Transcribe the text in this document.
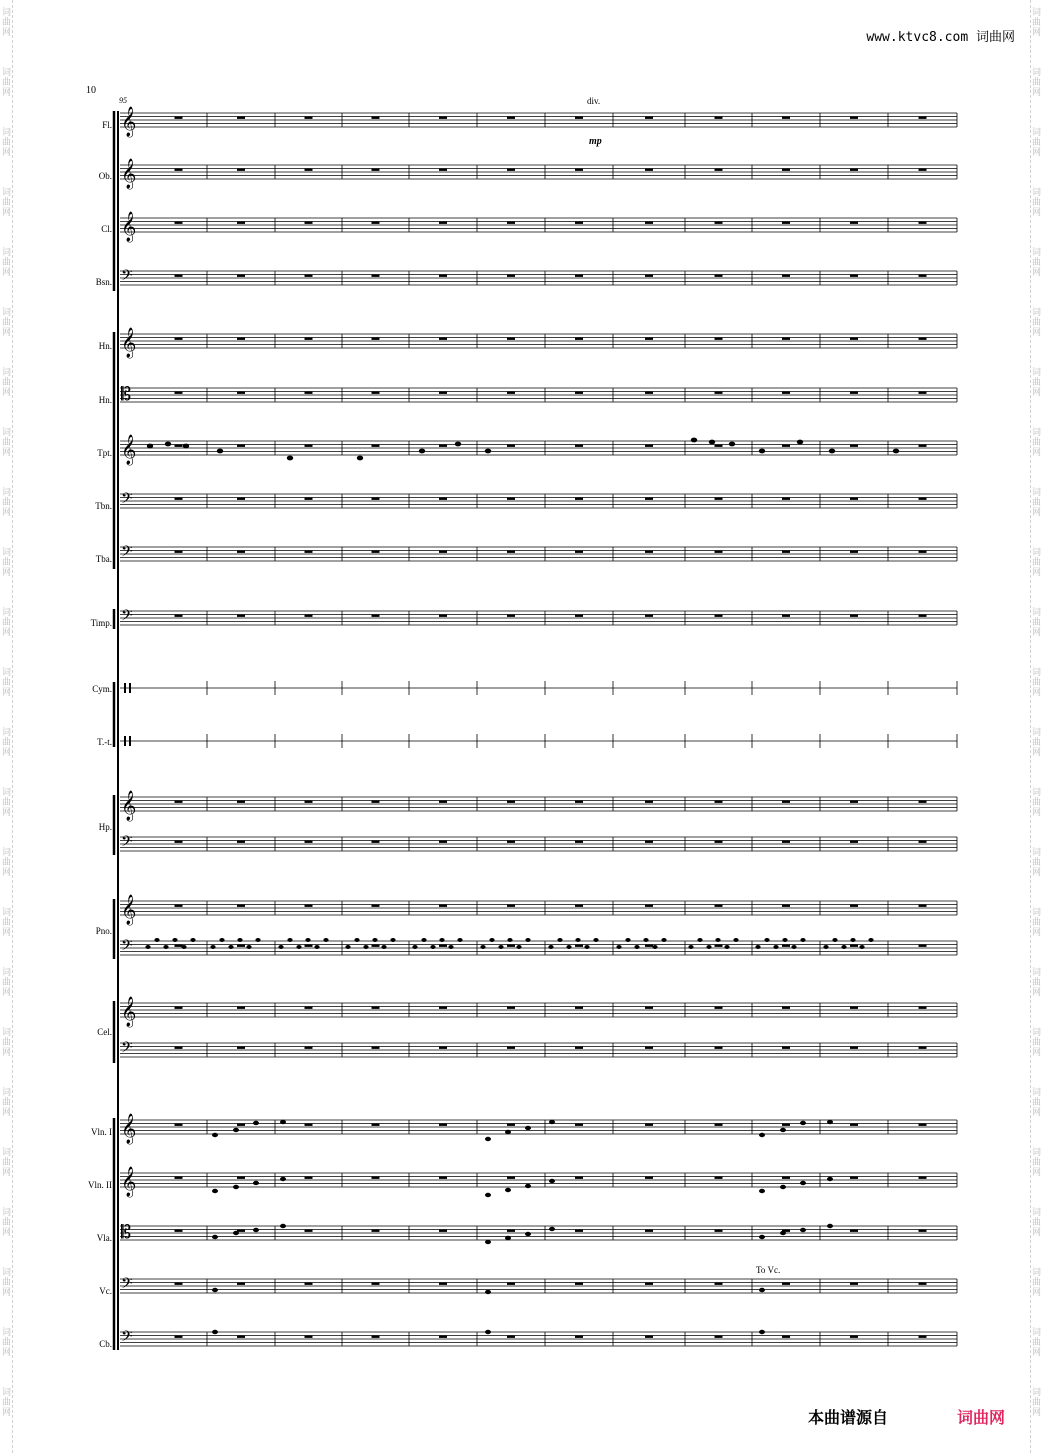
www.ktvc8.com 词曲网
10
95
Fl.
Ob.
Cl.
Bsn.
Hn.
Hn.
Tpt.
Tbn.
Tba.
Timp.
Cym.
T.-t.
Hp.
Pno.
Cel.
Vln. I
Vln. II
Vla.
Vc.
Cb.
div.
mp
To Vc.
𝄞
𝄞
𝄞
𝄢
𝄞
𝄡
𝄞
𝄢
𝄢
𝄢
𝄞
𝄢
𝄞
𝄢
𝄞
𝄢
𝄞
𝄞
𝄡
𝄢
𝄢
本曲谱源自	词曲网
词
曲
网
词
曲
网
词
曲
网
词
曲
网
词
曲
网
词
曲
网
词
曲
网
词
曲
网
词
曲
网
词
曲
网
词
曲
网
词
曲
网
词
曲
网
词
曲
网
词
曲
网
词
曲
网
词
曲
网
词
曲
网
词
曲
网
词
曲
网
词
曲
网
词
曲
网
词
曲
网
词
曲
网
词
曲
网
词
曲
网
词
曲
网
词
曲
网
词
曲
网
词
曲
网
词
曲
网
词
曲
网
词
曲
网
词
曲
网
词
曲
网
词
曲
网
词
曲
网
词
曲
网
词
曲
网
词
曲
网
词
曲
网
词
曲
网
词
曲
网
词
曲
网
词
曲
网
词
曲
网
词
曲
网
词
曲
网
